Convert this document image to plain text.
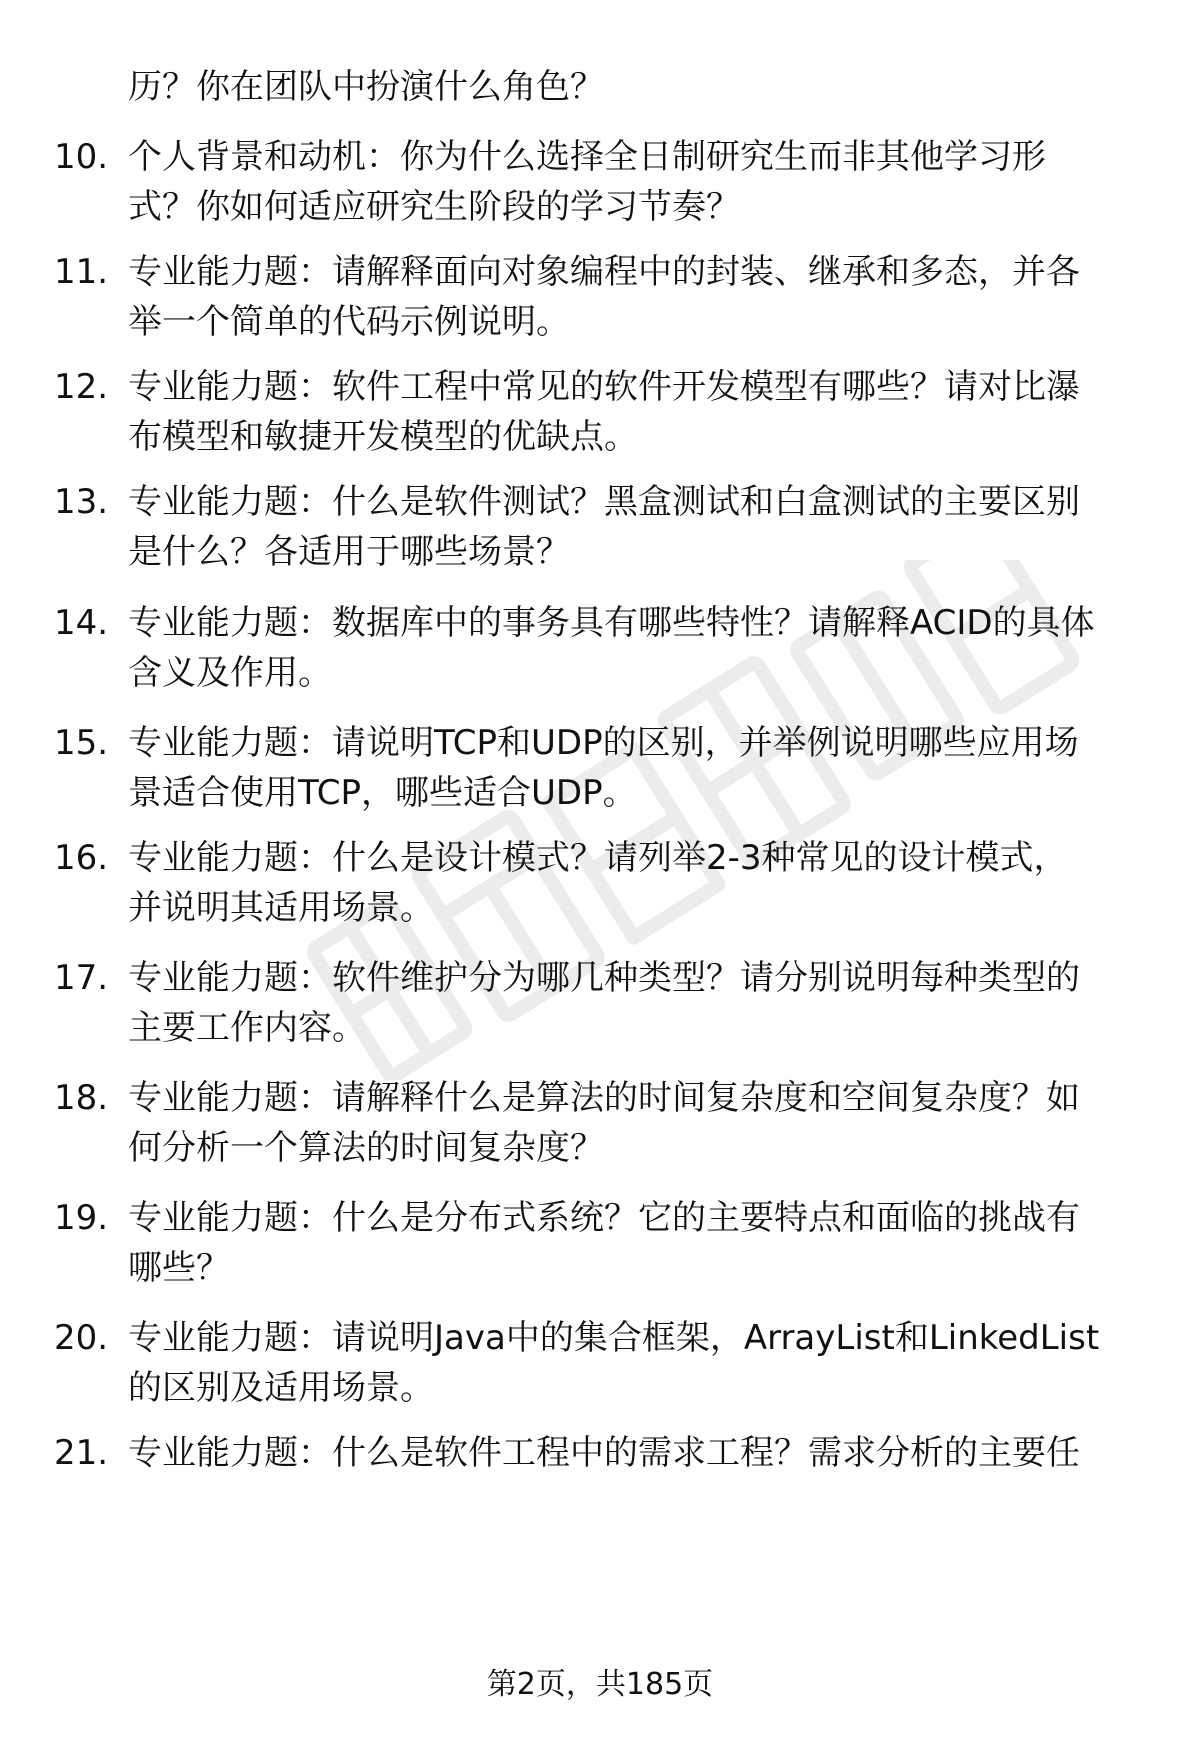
历？你在团队中扮演什么角色？
10. 个人背景和动机：你为什么选择全日制研究生而非其他学习形
式？你如何适应研究生阶段的学习节奏？
11. 专业能力题：请解释面向对象编程中的封装、继承和多态，并各
举一个简单的代码示例说明。
12. 专业能力题：软件工程中常见的软件开发模型有哪些？请对比瀑
布模型和敏捷开发模型的优缺点。
13. 专业能力题：什么是软件测试？黑盒测试和白盒测试的主要区别
是什么？各适用于哪些场景？
14. 专业能力题：数据库中的事务具有哪些特性？请解释ACID的具体
含义及作用。
15. 专业能力题：请说明TCP和UDP的区别，并举例说明哪些应用场
景适合使用TCP，哪些适合UDP。
16. 专业能力题：什么是设计模式？请列举2-3种常见的设计模式，
并说明其适用场景。
17. 专业能力题：软件维护分为哪几种类型？请分别说明每种类型的
主要工作内容。
18. 专业能力题：请解释什么是算法的时间复杂度和空间复杂度？如
何分析一个算法的时间复杂度？
19. 专业能力题：什么是分布式系统？它的主要特点和面临的挑战有
哪些？
20. 专业能力题：请说明Java中的集合框架，ArrayList和LinkedList
的区别及适用场景。
21. 专业能力题：什么是软件工程中的需求工程？需求分析的主要任
第2页，共185页
